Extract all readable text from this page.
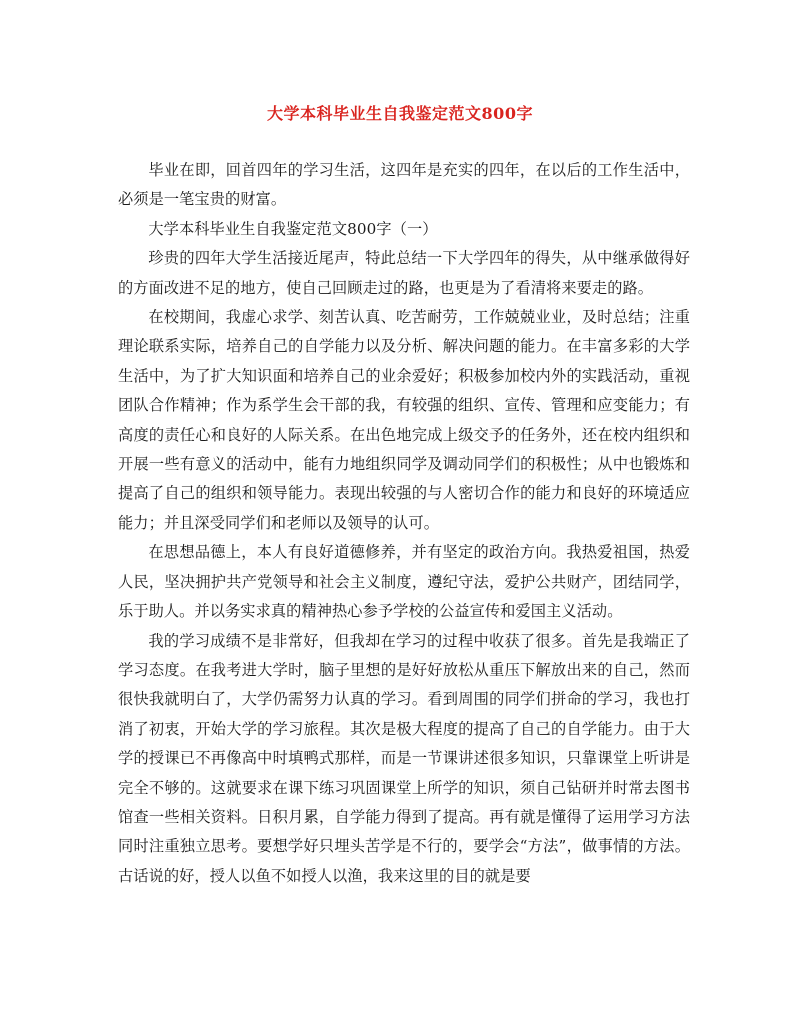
大学本科毕业生自我鉴定范文800字

毕业在即，回首四年的学习生活，这四年是充实的四年，在以后的工作生活中，必须是一笔宝贵的财富。

大学本科毕业生自我鉴定范文800字（一）

珍贵的四年大学生活接近尾声，特此总结一下大学四年的得失，从中继承做得好的方面改进不足的地方，使自己回顾走过的路，也更是为了看清将来要走的路。

在校期间，我虚心求学、刻苦认真、吃苦耐劳，工作兢兢业业，及时总结；注重理论联系实际，培养自己的自学能力以及分析、解决问题的能力。在丰富多彩的大学生活中，为了扩大知识面和培养自己的业余爱好；积极参加校内外的实践活动，重视团队合作精神；作为系学生会干部的我，有较强的组织、宣传、管理和应变能力；有高度的责任心和良好的人际关系。在出色地完成上级交予的任务外，还在校内组织和开展一些有意义的活动中，能有力地组织同学及调动同学们的积极性；从中也锻炼和提高了自己的组织和领导能力。表现出较强的与人密切合作的能力和良好的环境适应能力；并且深受同学们和老师以及领导的认可。

在思想品德上，本人有良好道德修养，并有坚定的政治方向。我热爱祖国，热爱人民，坚决拥护共产党领导和社会主义制度，遵纪守法，爱护公共财产，团结同学，乐于助人。并以务实求真的精神热心参予学校的公益宣传和爱国主义活动。

我的学习成绩不是非常好，但我却在学习的过程中收获了很多。首先是我端正了学习态度。在我考进大学时，脑子里想的是好好放松从重压下解放出来的自己，然而很快我就明白了，大学仍需努力认真的学习。看到周围的同学们拼命的学习，我也打消了初衷，开始大学的学习旅程。其次是极大程度的提高了自己的自学能力。由于大学的授课已不再像高中时填鸭式那样，而是一节课讲述很多知识，只靠课堂上听讲是完全不够的。这就要求在课下练习巩固课堂上所学的知识，须自己钻研并时常去图书馆查一些相关资料。日积月累，自学能力得到了提高。再有就是懂得了运用学习方法同时注重独立思考。要想学好只埋头苦学是不行的，要学会“方法”，做事情的方法。古话说的好，授人以鱼不如授人以渔，我来这里的目的就是要
